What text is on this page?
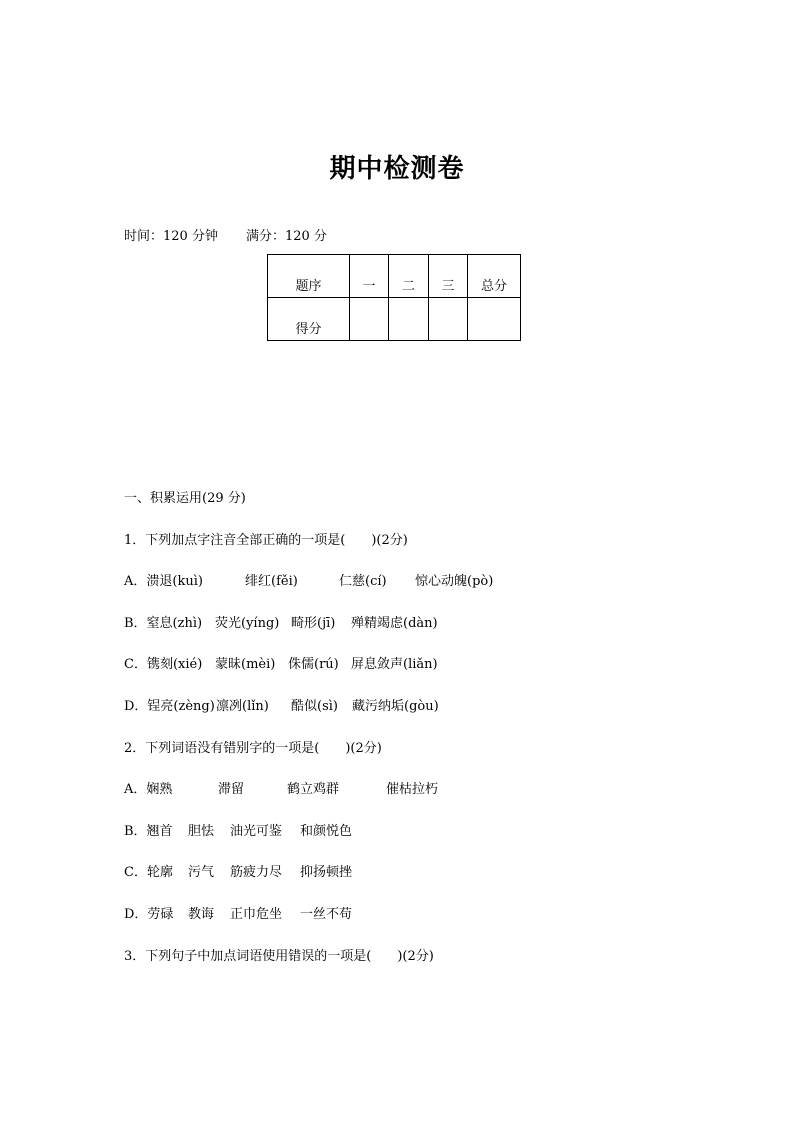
期中检测卷
时间：120 分钟 满分：120 分
题序	一	二	三	总分
得分				
一、积累运用(29 分)
1．下列加点字注音全部正确的一项是(　　)(2分)
A．溃退(kuì)	绯红(fěi)	仁慈(cí) 惊心动魄(pò)
B．窒息(zhì) 荧光(yíng) 畸形(jī) 殚精竭虑(dàn)
C．镌刻(xié) 蒙昧(mèi) 侏儒(rú) 屏息敛声(liǎn)
D．锃亮(zèng)凛冽(lǐn) 酷似(sì) 藏污纳垢(gòu)
2．下列词语没有错别字的一项是(　　)(2分)
A．娴熟	滞留	鹤立鸡群	催枯拉朽
B．翘首 胆怯 油光可鉴 和颜悦色
C．轮廓 污气 筋疲力尽 抑扬顿挫
D．劳碌 教诲 正巾危坐 一丝不苟
3．下列句子中加点词语使用错误的一项是(　　)(2分)
